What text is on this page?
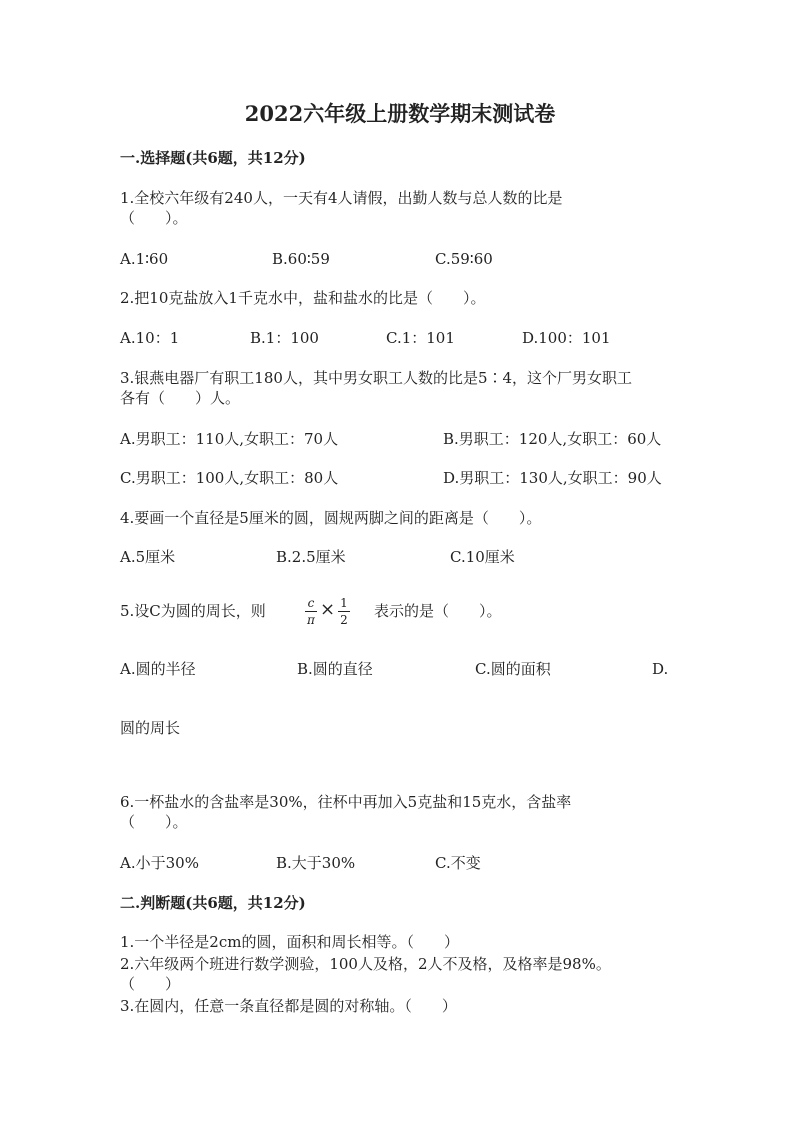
2022六年级上册数学期末测试卷
一.选择题(共6题，共12分)
1.全校六年级有240人，一天有4人请假，出勤人数与总人数的比是
（　　）。
A.1∶60	B.60∶59	C.59∶60
2.把10克盐放入1千克水中，盐和盐水的比是（　　）。
A.10：1	B.1：100	C.1：101	D.100：101
3.银燕电器厂有职工180人，其中男女职工人数的比是5∶4，这个厂男女职工
各有（　　）人。
A.男职工：110人,女职工：70人	B.男职工：120人,女职工：60人
C.男职工：100人,女职工：80人	D.男职工：130人,女职工：90人
4.要画一个直径是5厘米的圆，圆规两脚之间的距离是（　　）。
A.5厘米	B.2.5厘米	C.10厘米
5.设C为圆的周长，则	c
π × 1
2 表示的是（　　）。
A.圆的半径	B.圆的直径	C.圆的面积	D.
圆的周长
6.一杯盐水的含盐率是30%，往杯中再加入5克盐和15克水，含盐率
（　　）。
A.小于30%	B.大于30%	C.不变
二.判断题(共6题，共12分)
1.一个半径是2cm的圆，面积和周长相等。（　　）
2.六年级两个班进行数学测验，100人及格，2人不及格，及格率是98%。
（　　）
3.在圆内，任意一条直径都是圆的对称轴。（　　）
